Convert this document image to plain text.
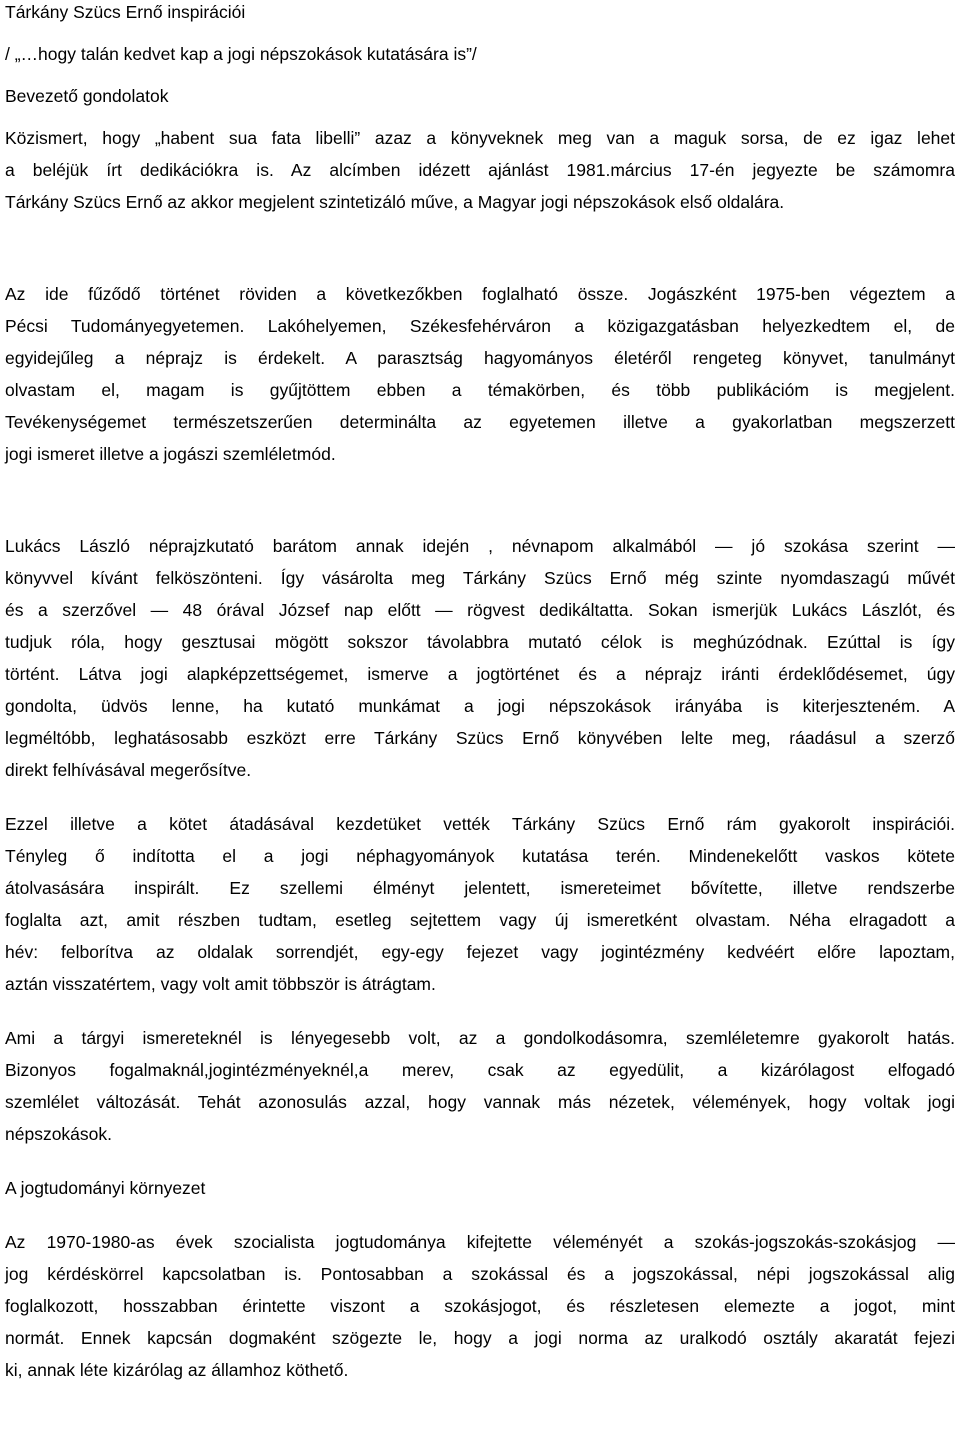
Tárkány Szücs Ernő inspirációi
/ „…hogy talán kedvet kap a jogi népszokások kutatására is”/
Bevezető gondolatok
Közismert, hogy „habent sua fata libelli” azaz a könyveknek meg van a maguk sorsa, de ez igaz lehet
a beléjük írt dedikációkra is. Az alcímben idézett ajánlást 1981.március 17-én jegyezte be számomra
Tárkány Szücs Ernő az akkor megjelent szintetizáló műve, a Magyar jogi népszokások első oldalára.
Az ide fűződő történet röviden a következőkben foglalható össze. Jogászként 1975-ben végeztem a
Pécsi Tudományegyetemen. Lakóhelyemen, Székesfehérváron a közigazgatásban helyezkedtem el, de
egyidejűleg a néprajz is érdekelt. A parasztság hagyományos életéről rengeteg könyvet, tanulmányt
olvastam el, magam is gyűjtöttem ebben a témakörben, és több publikációm is megjelent.
Tevékenységemet természetszerűen determinálta az egyetemen illetve a gyakorlatban megszerzett
jogi ismeret illetve a jogászi szemléletmód.
Lukács László néprajzkutató barátom annak idején , névnapom alkalmából — jó szokása szerint —
könyvvel kívánt felköszönteni. Így vásárolta meg Tárkány Szücs Ernő még szinte nyomdaszagú művét
és a szerzővel — 48 órával József nap előtt — rögvest dedikáltatta. Sokan ismerjük Lukács Lászlót, és
tudjuk róla, hogy gesztusai mögött sokszor távolabbra mutató célok is meghúzódnak. Ezúttal is így
történt. Látva jogi alapképzettségemet, ismerve a jogtörténet és a néprajz iránti érdeklődésemet, úgy
gondolta, üdvös lenne, ha kutató munkámat a jogi népszokások irányába is kiterjeszteném. A
legméltóbb, leghatásosabb eszközt erre Tárkány Szücs Ernő könyvében lelte meg, ráadásul a szerző
direkt felhívásával megerősítve.
Ezzel illetve a kötet átadásával kezdetüket vették Tárkány Szücs Ernő rám gyakorolt inspirációi.
Tényleg ő indította el a jogi néphagyományok kutatása terén. Mindenekelőtt vaskos kötete
átolvasására inspirált. Ez szellemi élményt jelentett, ismereteimet bővítette, illetve rendszerbe
foglalta azt, amit részben tudtam, esetleg sejtettem vagy új ismeretként olvastam. Néha elragadott a
hév: felborítva az oldalak sorrendjét, egy-egy fejezet vagy jogintézmény kedvéért előre lapoztam,
aztán visszatértem, vagy volt amit többször is átrágtam.
Ami a tárgyi ismereteknél is lényegesebb volt, az a gondolkodásomra, szemléletemre gyakorolt hatás.
Bizonyos fogalmaknál,jogintézményeknél,a merev, csak az egyedülit, a kizárólagost elfogadó
szemlélet változását. Tehát azonosulás azzal, hogy vannak más nézetek, vélemények, hogy voltak jogi
népszokások.
A jogtudományi környezet
Az 1970-1980-as évek szocialista jogtudománya kifejtette véleményét a szokás-jogszokás-szokásjog —
jog kérdéskörrel kapcsolatban is. Pontosabban a szokással és a jogszokással, népi jogszokással alig
foglalkozott, hosszabban érintette viszont a szokásjogot, és részletesen elemezte a jogot, mint
normát. Ennek kapcsán dogmaként szögezte le, hogy a jogi norma az uralkodó osztály akaratát fejezi
ki, annak léte kizárólag az államhoz köthető.
